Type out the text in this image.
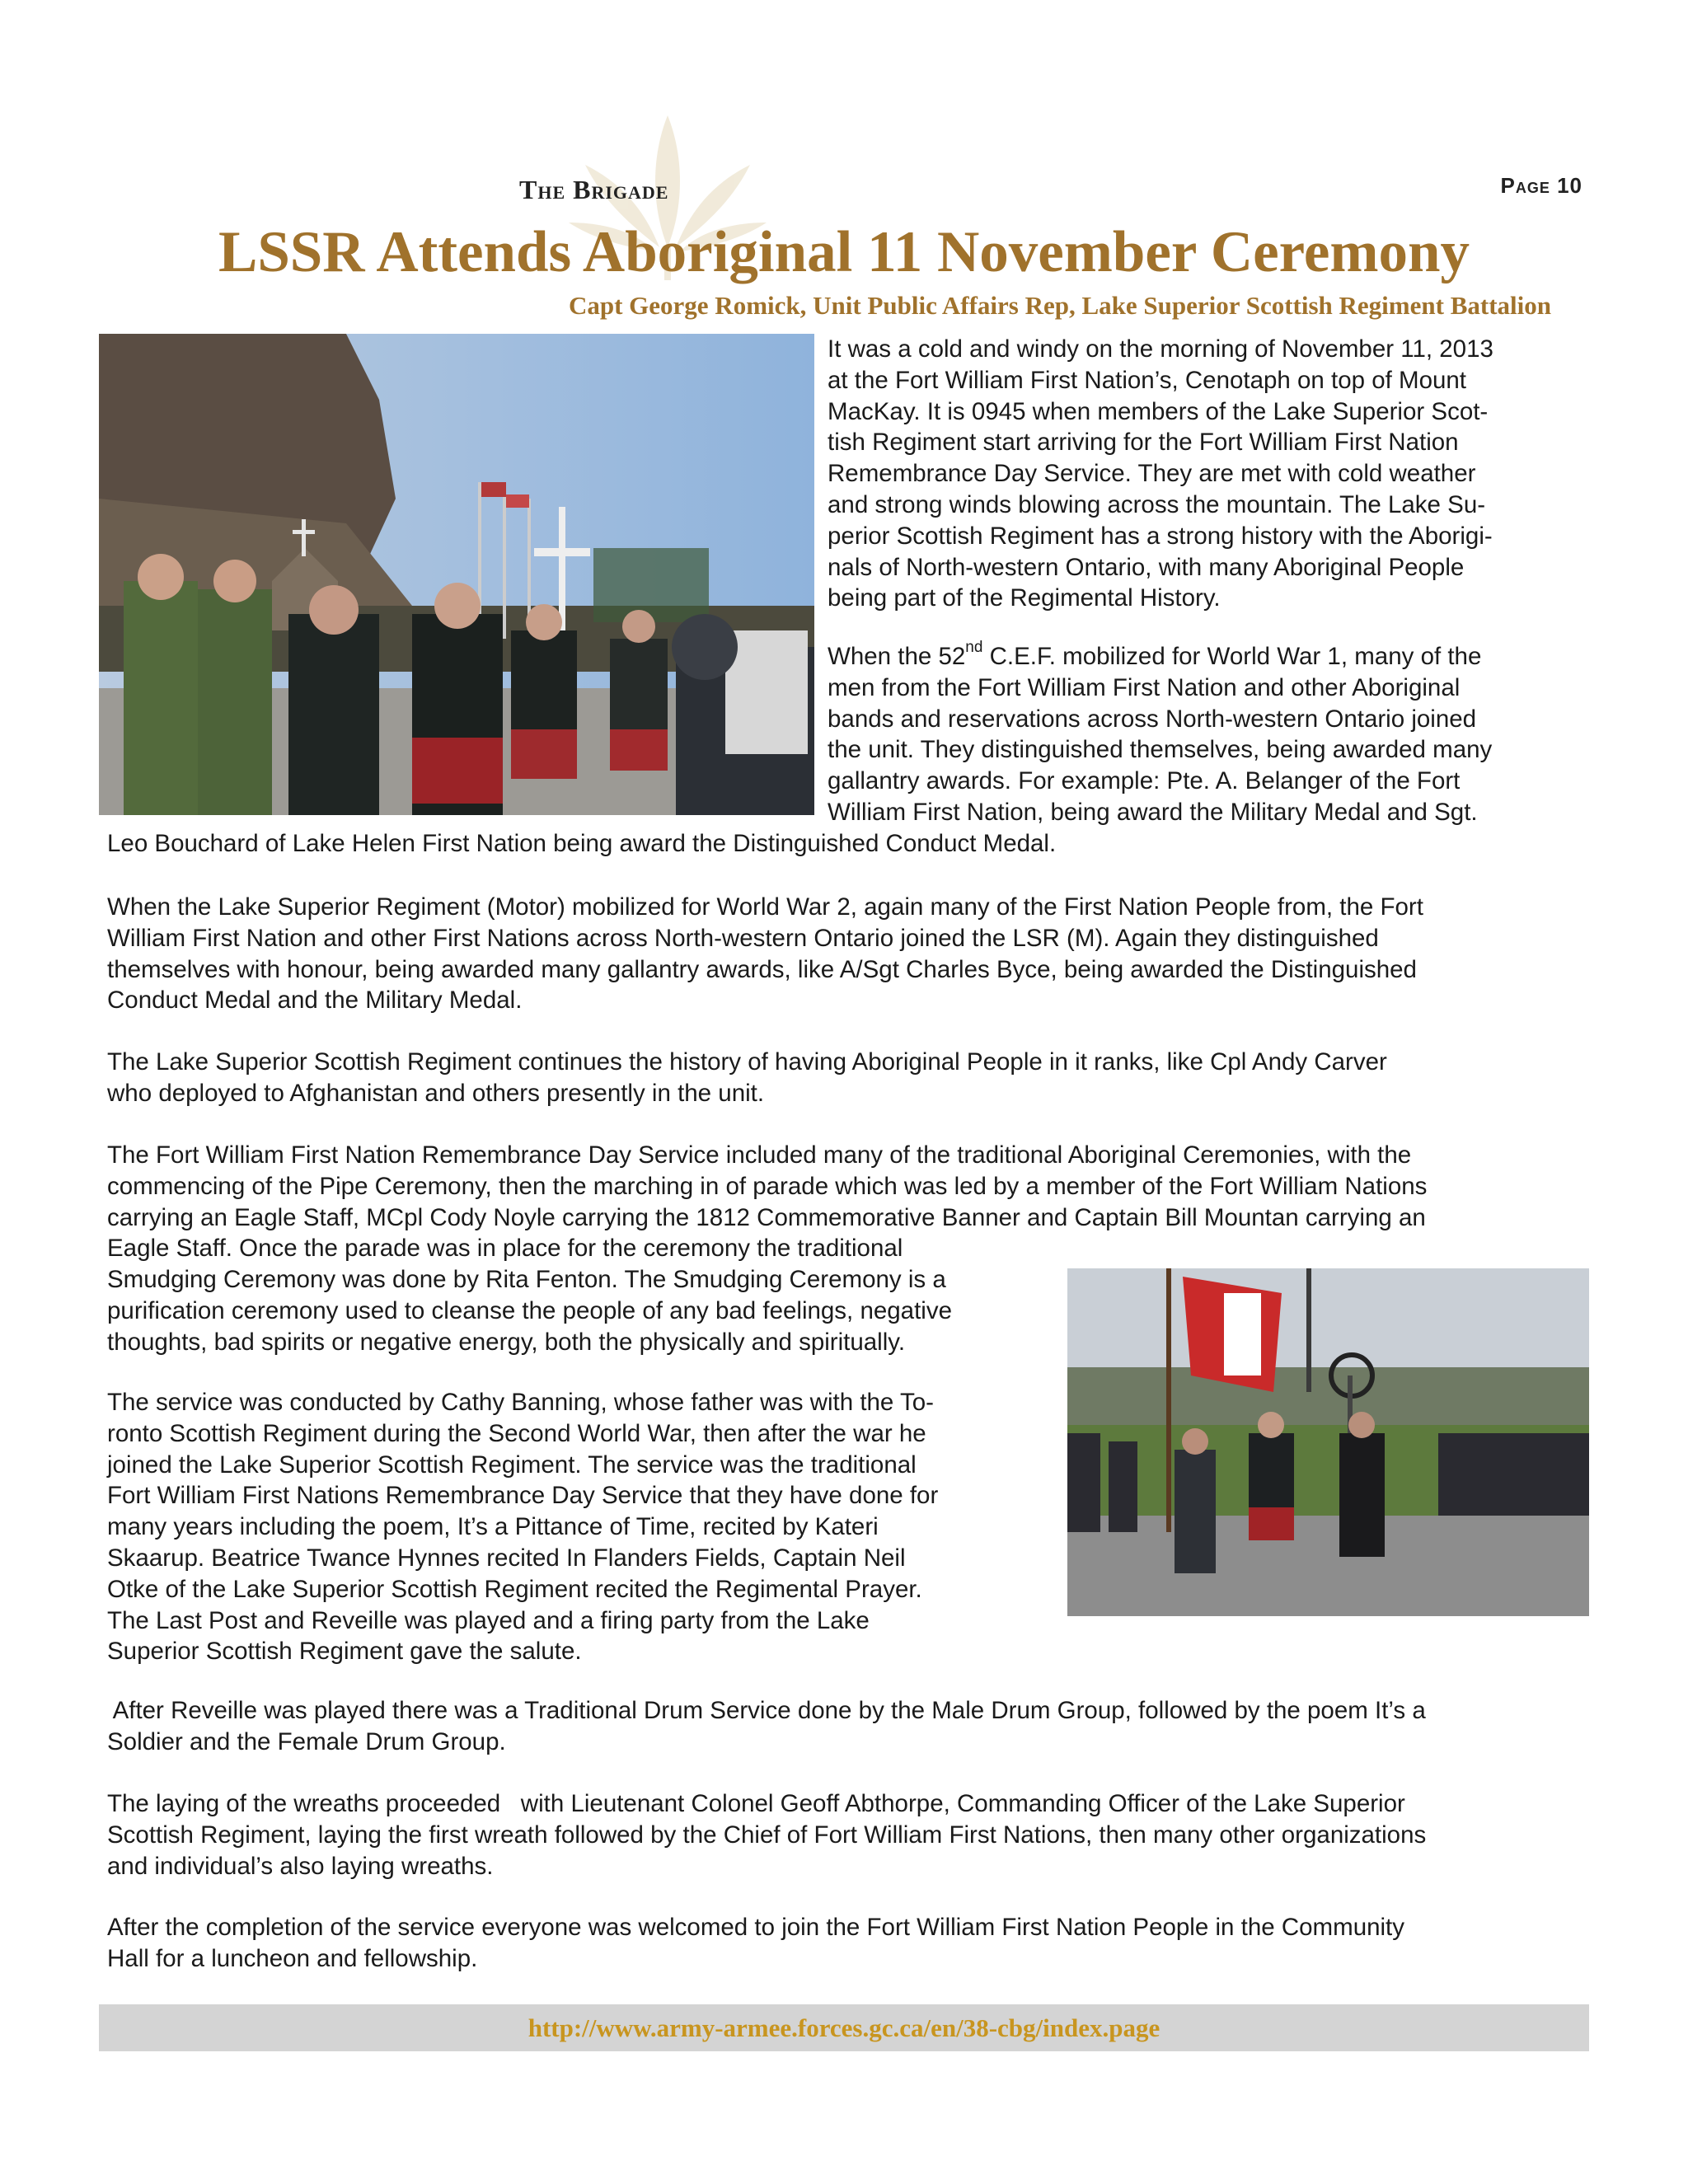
The Brigade	Page 10
LSSR Attends Aboriginal 11 November Ceremony
Capt George Romick, Unit Public Affairs Rep, Lake Superior Scottish Regiment Battalion
It was a cold and windy on the morning of November 11, 2013
at the Fort William First Nation’s, Cenotaph on top of Mount
MacKay. It is 0945 when members of the Lake Superior Scot-
tish Regiment start arriving for the Fort William First Nation
Remembrance Day Service. They are met with cold weather
and strong winds blowing across the mountain. The Lake Su-
perior Scottish Regiment has a strong history with the Aborigi-
nals of North-western Ontario, with many Aboriginal People
being part of the Regimental History.
When the 52nd C.E.F. mobilized for World War 1, many of the
men from the Fort William First Nation and other Aboriginal
bands and reservations across North-western Ontario joined
the unit. They distinguished themselves, being awarded many
gallantry awards. For example: Pte. A. Belanger of the Fort
William First Nation, being award the Military Medal and Sgt.
Leo Bouchard of Lake Helen First Nation being award the Distinguished Conduct Medal.
When the Lake Superior Regiment (Motor) mobilized for World War 2, again many of the First Nation People from, the Fort
William First Nation and other First Nations across North-western Ontario joined the LSR (M). Again they distinguished
themselves with honour, being awarded many gallantry awards, like A/Sgt Charles Byce, being awarded the Distinguished
Conduct Medal and the Military Medal.
The Lake Superior Scottish Regiment continues the history of having Aboriginal People in it ranks, like Cpl Andy Carver
who deployed to Afghanistan and others presently in the unit.
The Fort William First Nation Remembrance Day Service included many of the traditional Aboriginal Ceremonies, with the
commencing of the Pipe Ceremony, then the marching in of parade which was led by a member of the Fort William Nations
carrying an Eagle Staff, MCpl Cody Noyle carrying the 1812 Commemorative Banner and Captain Bill Mountan carrying an
Eagle Staff. Once the parade was in place for the ceremony the traditional
Smudging Ceremony was done by Rita Fenton. The Smudging Ceremony is a
purification ceremony used to cleanse the people of any bad feelings, negative
thoughts, bad spirits or negative energy, both the physically and spiritually.
The service was conducted by Cathy Banning, whose father was with the To-
ronto Scottish Regiment during the Second World War, then after the war he
joined the Lake Superior Scottish Regiment. The service was the traditional
Fort William First Nations Remembrance Day Service that they have done for
many years including the poem, It’s a Pittance of Time, recited by Kateri
Skaarup. Beatrice Twance Hynnes recited In Flanders Fields, Captain Neil
Otke of the Lake Superior Scottish Regiment recited the Regimental Prayer.
The Last Post and Reveille was played and a firing party from the Lake
Superior Scottish Regiment gave the salute.
After Reveille was played there was a Traditional Drum Service done by the Male Drum Group, followed by the poem It’s a
Soldier and the Female Drum Group.
The laying of the wreaths proceeded   with Lieutenant Colonel Geoff Abthorpe, Commanding Officer of the Lake Superior
Scottish Regiment, laying the first wreath followed by the Chief of Fort William First Nations, then many other organizations
and individual’s also laying wreaths.
After the completion of the service everyone was welcomed to join the Fort William First Nation People in the Community
Hall for a luncheon and fellowship.
http://www.army-armee.forces.gc.ca/en/38-cbg/index.page
